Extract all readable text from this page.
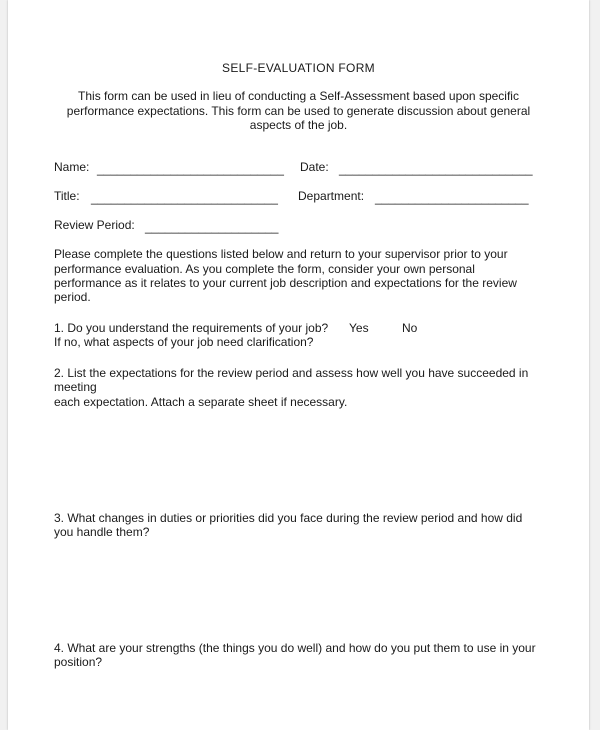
SELF-EVALUATION FORM
This form can be used in lieu of conducting a Self-Assessment based upon specific
performance expectations. This form can be used to generate discussion about general
aspects of the job.
Name: ____________________________ Date: _____________________________
Title: ____________________________ Department: _______________________
Review Period: ____________________
Please complete the questions listed below and return to your supervisor prior to your
performance evaluation. As you complete the form, consider your own personal
performance as it relates to your current job description and expectations for the review
period.
1. Do you understand the requirements of your job? Yes	No
If no, what aspects of your job need clarification?
2. List the expectations for the review period and assess how well you have succeeded in
meeting
each expectation. Attach a separate sheet if necessary.
3. What changes in duties or priorities did you face during the review period and how did
you handle them?
4. What are your strengths (the things you do well) and how do you put them to use in your
position?
